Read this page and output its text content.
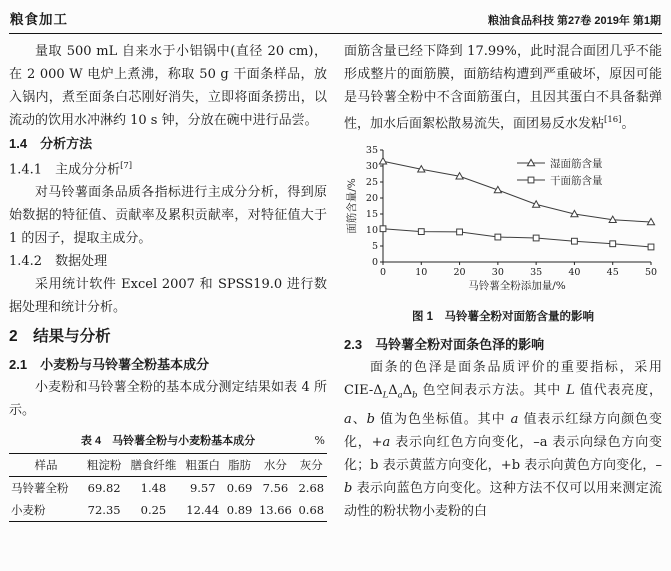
粮食加工	粮油食品科技 第27卷 2019年 第1期

量取 500 mL 自来水于小铝锅中(直径 20 cm)，在 2 000 W 电炉上煮沸，称取 50 g 干面条样品，放入锅内，煮至面条白芯刚好消失，立即将面条捞出，以流动的饮用水冲淋约 10 s 钟，分放在碗中进行品尝。

1.4　分析方法
1.4.1　主成分分析[7]

对马铃薯面条品质各指标进行主成分分析，得到原始数据的特征值、贡献率及累积贡献率，对特征值大于 1 的因子，提取主成分。

1.4.2　数据处理

采用统计软件 Excel 2007 和 SPSS19.0 进行数据处理和统计分析。

2　结果与分析
2.1　小麦粉与马铃薯全粉基本成分

小麦粉和马铃薯全粉的基本成分测定结果如表 4 所示。

表 4　马铃薯全粉与小麦粉基本成分	%
样品	粗淀粉	膳食纤维	粗蛋白	脂肪	水分	灰分
马铃薯全粉	69.82	1.48	9.57	0.69	7.56	2.68
小麦粉	72.35	0.25	12.44	0.89	13.66	0.68

面筋含量已经下降到 17.99%，此时混合面团几乎不能形成整片的面筋膜，面筋结构遭到严重破坏，原因可能是马铃薯全粉中不含面筋蛋白，且因其蛋白不具备黏弹性，加水后面絮松散易流失，面团易反水发粘[16]。

0
5
10
15
20
25
30
35
0	10	20	30	35	40	45	50
马铃薯全粉添加量/%
面筋含量/%
湿面筋含量
干面筋含量
图 1　马铃薯全粉对面筋含量的影响
2.3　马铃薯全粉对面条色泽的影响

面条的色泽是面条品质评价的重要指标，采用 CIE-$\Delta_L\Delta_a\Delta_b$ 色空间表示方法。其中 L 值代表亮度，a、b 值为色坐标值。其中 a 值表示红绿方向颜色变化，+a 表示向红色方向变化，–a 表示向绿色方向变化；b 表示黄蓝方向变化，+b 表示向黄色方向变化，–b 表示向蓝色方向变化。这种方法不仅可以用来测定流动性的粉状物小麦粉的白
